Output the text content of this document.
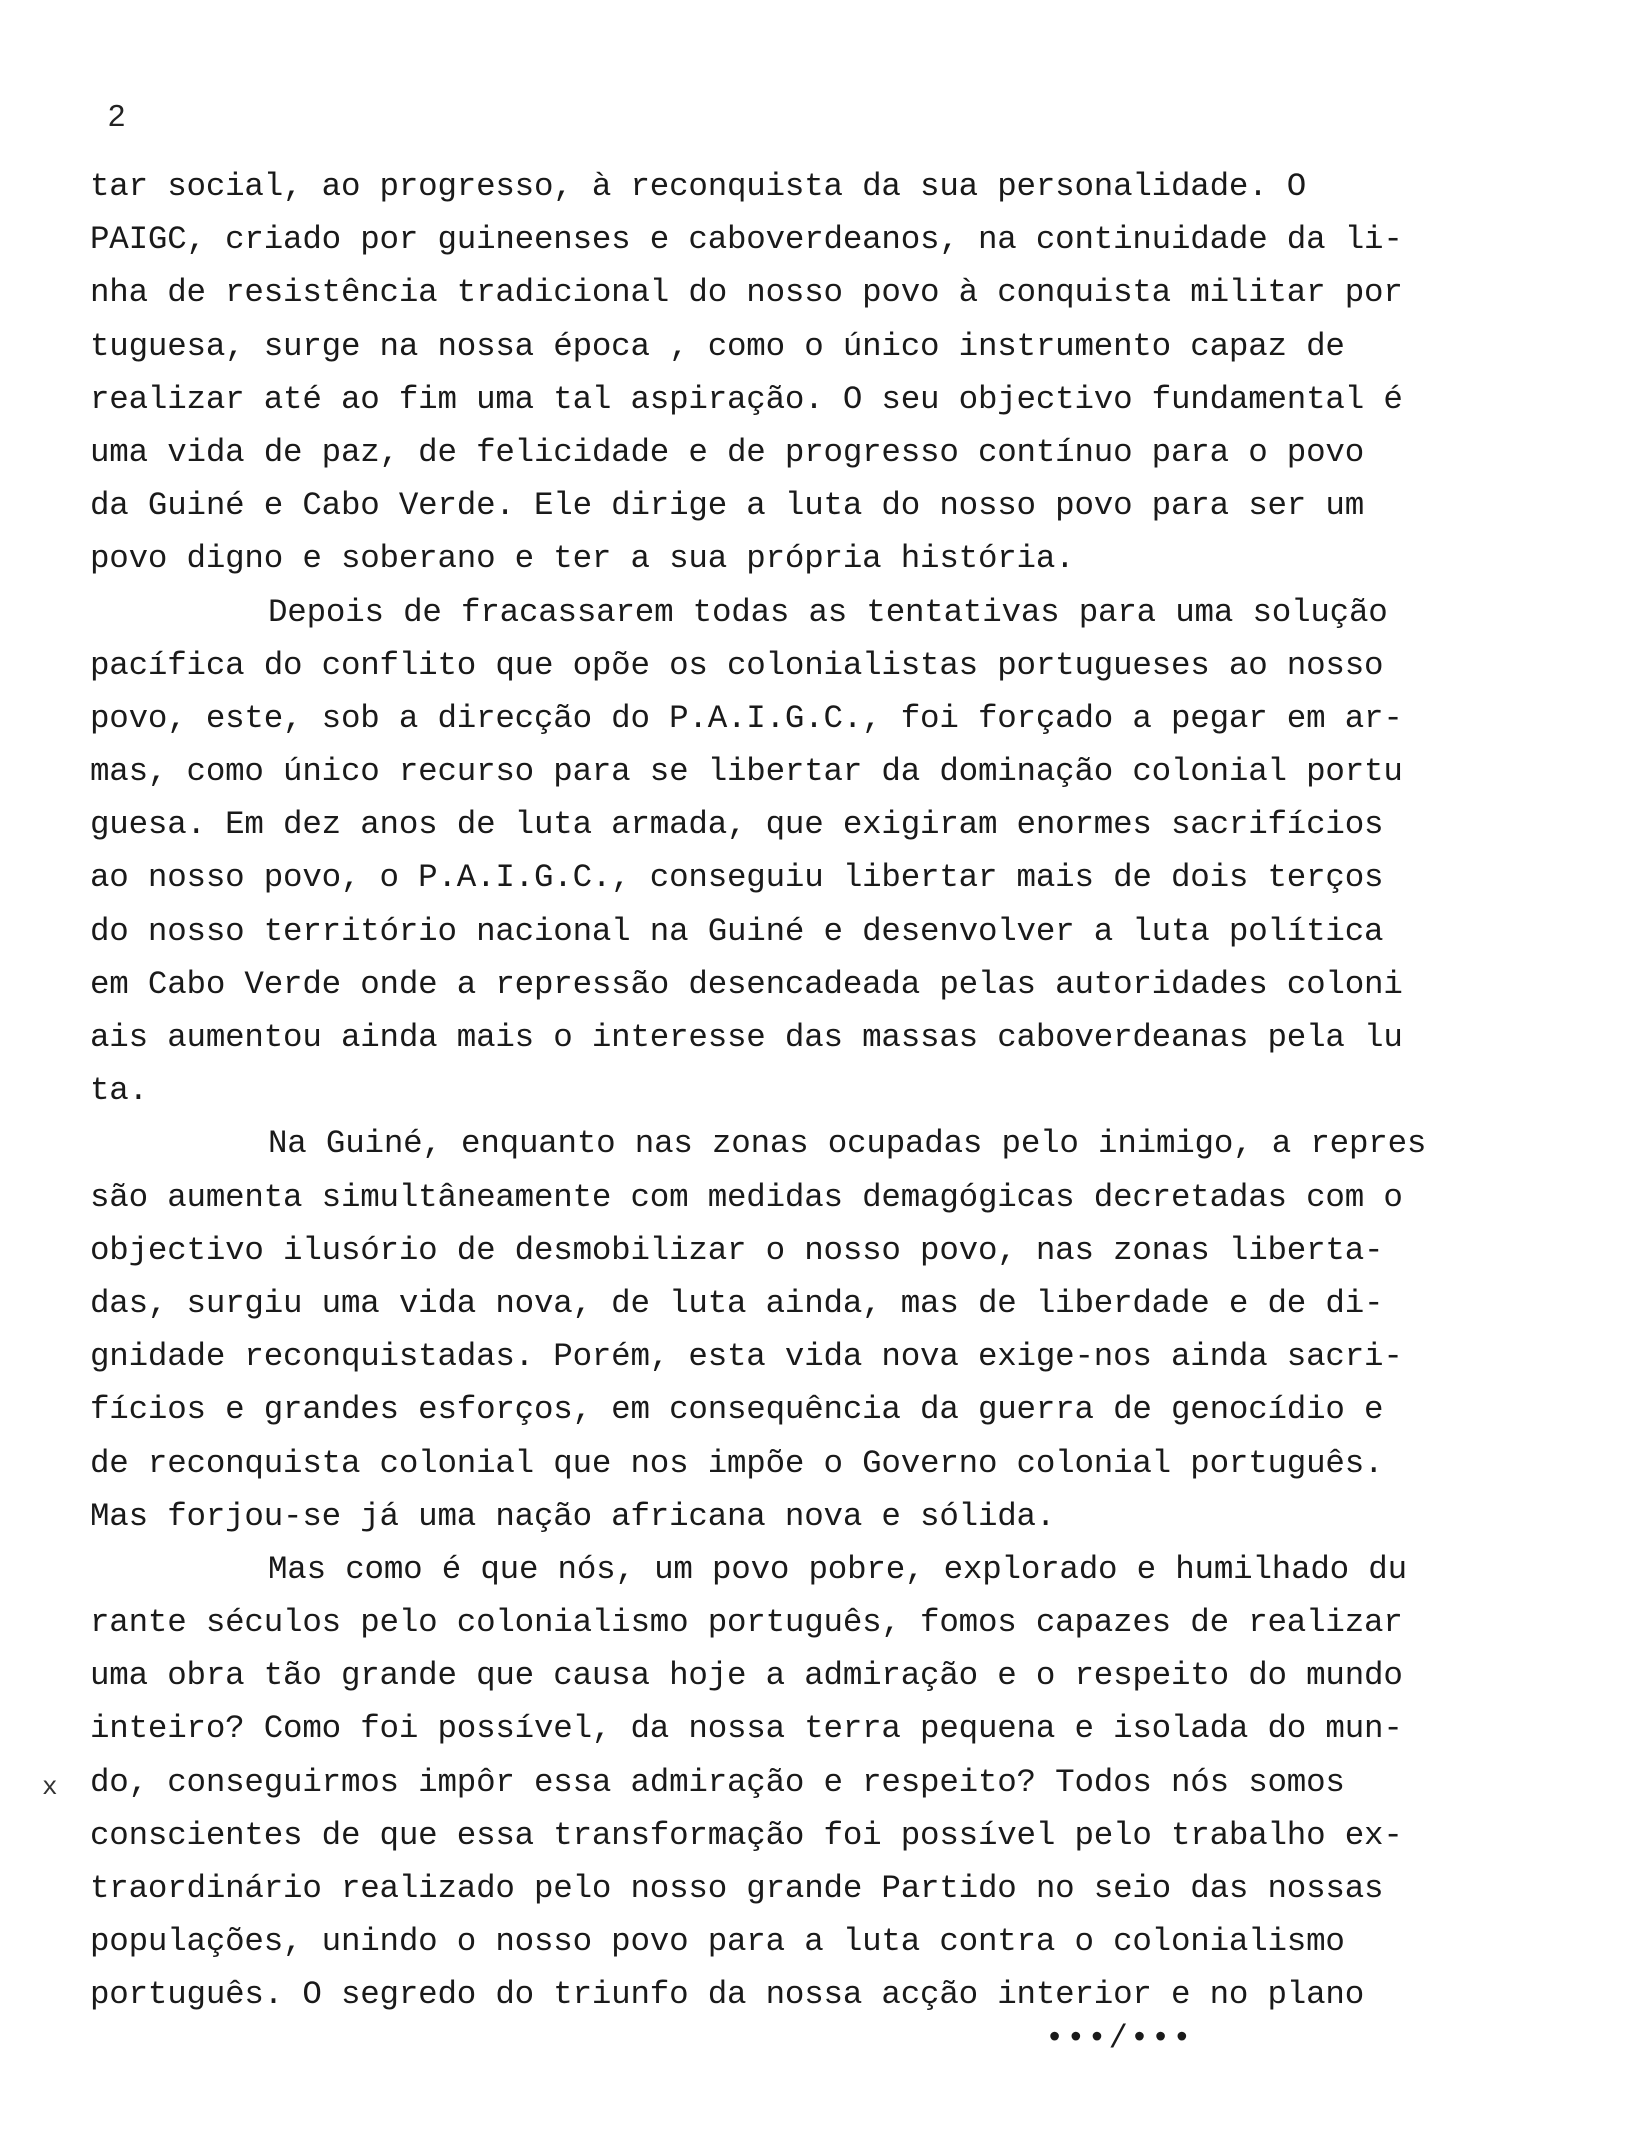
2
x
tar social, ao progresso, à reconquista da sua personalidade. O
PAIGC, criado por guineenses e caboverdeanos, na continuidade da li-
nha de resistência tradicional do nosso povo à conquista militar por
tuguesa, surge na nossa época , como o único instrumento capaz de
realizar até ao fim uma tal aspiração. O seu objectivo fundamental é
uma vida de paz, de felicidade e de progresso contínuo para o povo
da Guiné e Cabo Verde. Ele dirige a luta do nosso povo para ser um
povo digno e soberano e ter a sua própria história.
Depois de fracassarem todas as tentativas para uma solução
pacífica do conflito que opõe os colonialistas portugueses ao nosso
povo, este, sob a direcção do P.A.I.G.C., foi forçado a pegar em ar-
mas, como único recurso para se libertar da dominação colonial portu
guesa. Em dez anos de luta armada, que exigiram enormes sacrifícios
ao nosso povo, o P.A.I.G.C., conseguiu libertar mais de dois terços
do nosso território nacional na Guiné e desenvolver a luta política
em Cabo Verde onde a repressão desencadeada pelas autoridades coloni
ais aumentou ainda mais o interesse das massas caboverdeanas pela lu
ta.
Na Guiné, enquanto nas zonas ocupadas pelo inimigo, a repres
são aumenta simultâneamente com medidas demagógicas decretadas com o
objectivo ilusório de desmobilizar o nosso povo, nas zonas liberta-
das, surgiu uma vida nova, de luta ainda, mas de liberdade e de di-
gnidade reconquistadas. Porém, esta vida nova exige-nos ainda sacri-
fícios e grandes esforços, em consequência da guerra de genocídio e
de reconquista colonial que nos impõe o Governo colonial português.
Mas forjou-se já uma nação africana nova e sólida.
Mas como é que nós, um povo pobre, explorado e humilhado du
rante séculos pelo colonialismo português, fomos capazes de realizar
uma obra tão grande que causa hoje a admiração e o respeito do mundo
inteiro? Como foi possível, da nossa terra pequena e isolada do mun-
do, conseguirmos impôr essa admiração e respeito? Todos nós somos
conscientes de que essa transformação foi possível pelo trabalho ex-
traordinário realizado pelo nosso grande Partido no seio das nossas
populações, unindo o nosso povo para a luta contra o colonialismo
português. O segredo do triunfo da nossa acção interior e no plano
•••/•••
